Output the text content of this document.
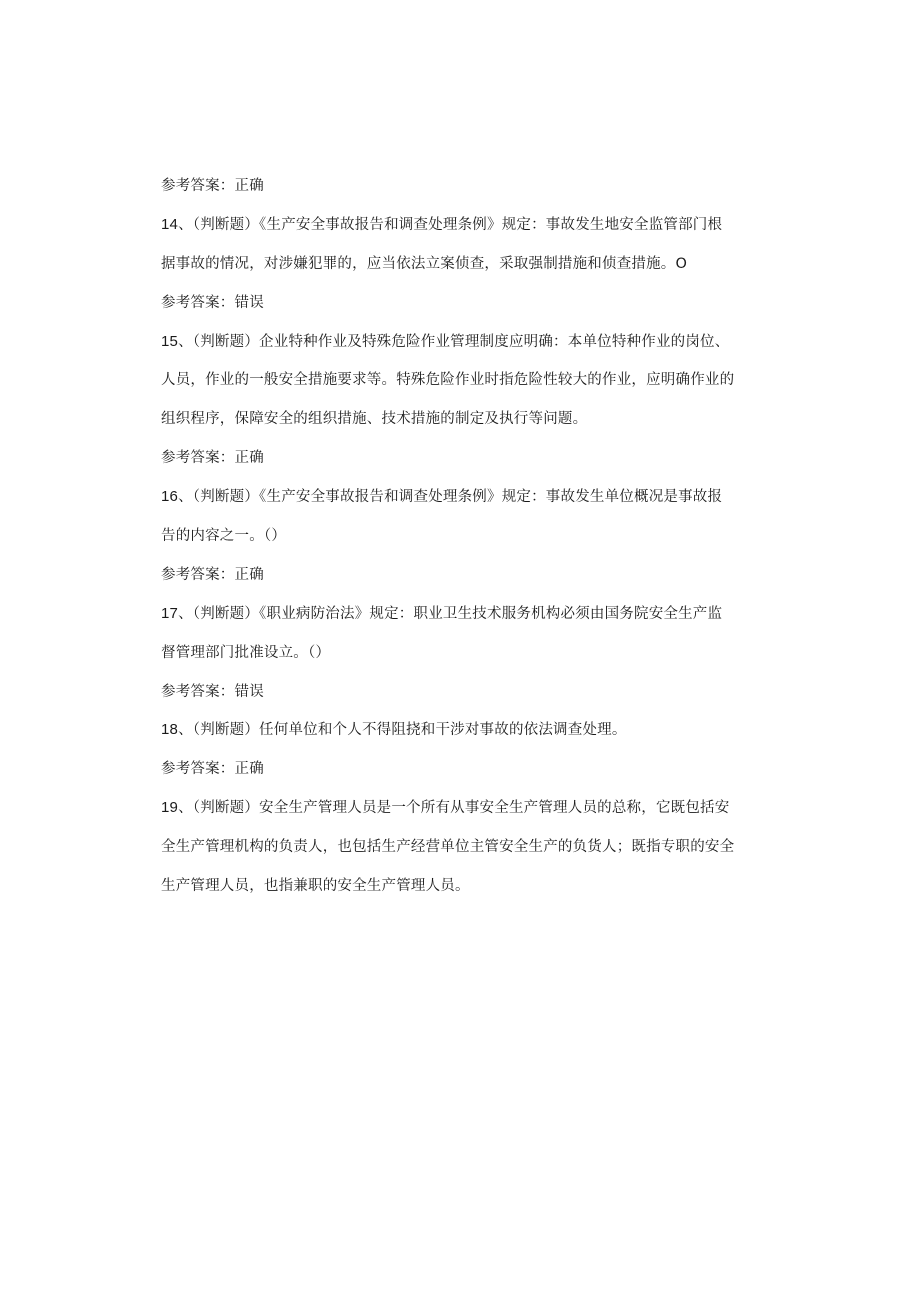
参考答案：正确
14、（判断题）《生产安全事故报告和调查处理条例》规定：事故发生地安全监管部门根
据事故的情况，对涉嫌犯罪的，应当依法立案侦查，采取强制措施和侦查措施。O
参考答案：错误
15、（判断题）企业特种作业及特殊危险作业管理制度应明确：本单位特种作业的岗位、
人员，作业的一般安全措施要求等。特殊危险作业时指危险性较大的作业，应明确作业的
组织程序，保障安全的组织措施、技术措施的制定及执行等问题。
参考答案：正确
16、（判断题）《生产安全事故报告和调查处理条例》规定：事故发生单位概况是事故报
告的内容之一。（）
参考答案：正确
17、（判断题）《职业病防治法》规定：职业卫生技术服务机构必须由国务院安全生产监
督管理部门批准设立。（）
参考答案：错误
18、（判断题）任何单位和个人不得阻挠和干涉对事故的依法调查处理。
参考答案：正确
19、（判断题）安全生产管理人员是一个所有从事安全生产管理人员的总称，它既包括安
全生产管理机构的负责人，也包括生产经营单位主管安全生产的负货人；既指专职的安全
生产管理人员，也指兼职的安全生产管理人员。
